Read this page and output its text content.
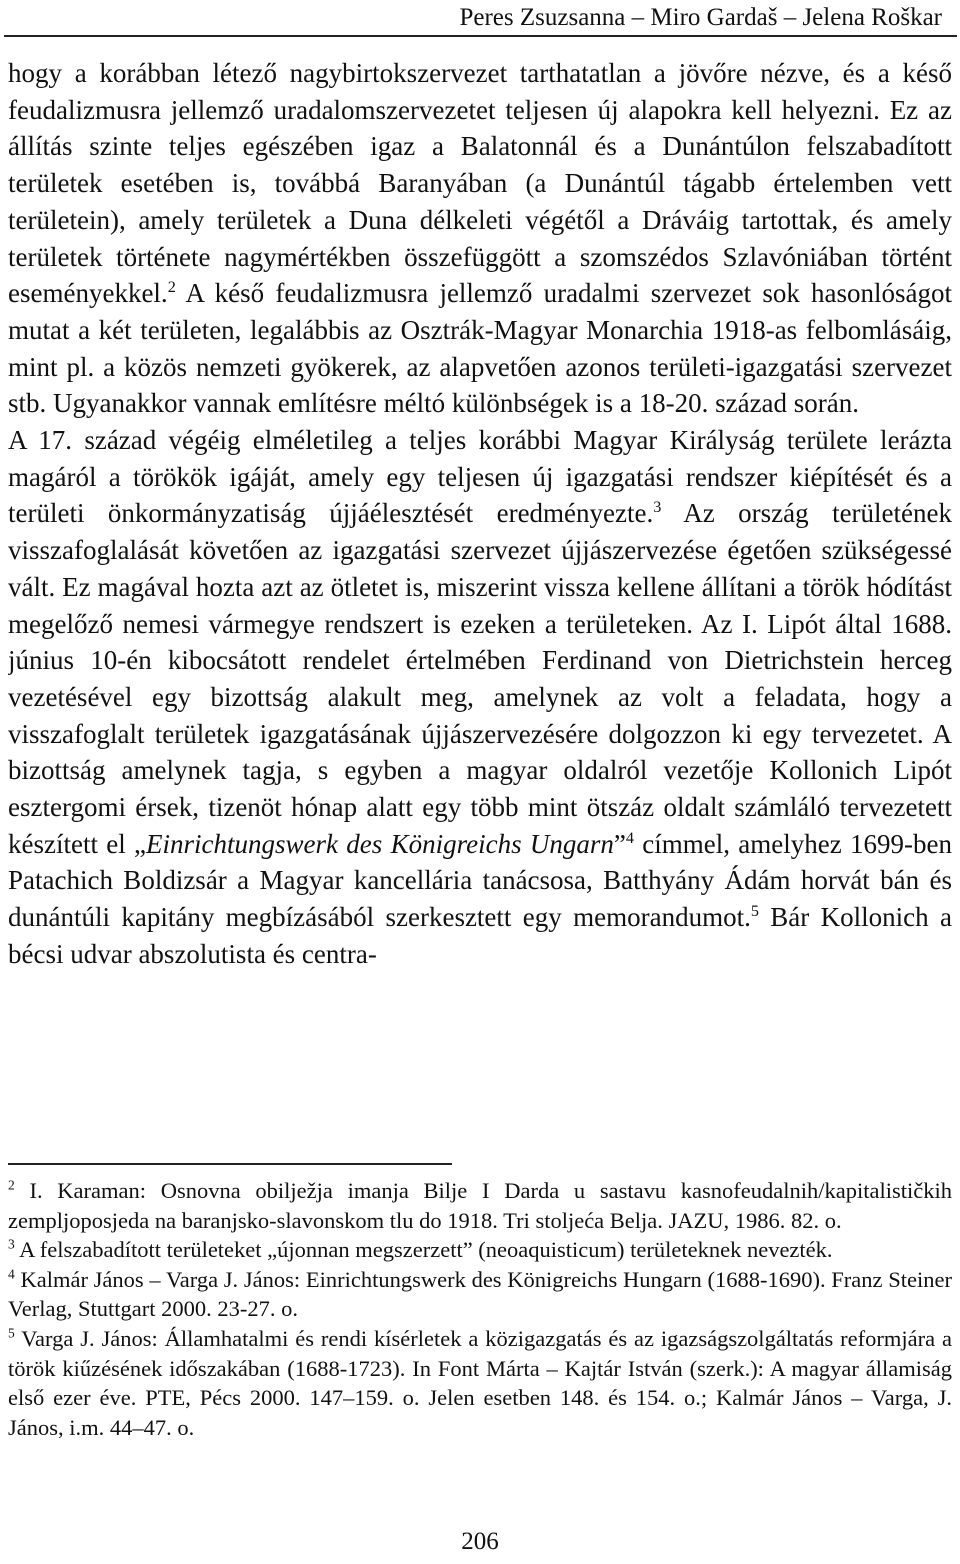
Peres Zsuzsanna – Miro Gardaš – Jelena Roškar

hogy a korábban létező nagybirtokszervezet tarthatatlan a jövőre nézve, és a késő feudalizmusra jellemző uradalomszervezetet teljesen új alapokra kell helyezni. Ez az állítás szinte teljes egészében igaz a Balatonnál és a Dunántúlon felszabadított területek esetében is, továbbá Baranyában (a Dunántúl tágabb értelemben vett területein), amely területek a Duna délkeleti végétől a Dráváig tartottak, és amely területek története nagymértékben összefüggött a szomszédos Szlavóniában történt eseményekkel.$^2$ A késő feudalizmusra jellemző uradalmi szervezet sok hasonlóságot mutat a két területen, legalábbis az Osztrák-Magyar Monarchia 1918-as felbomlásáig, mint pl. a közös nemzeti gyökerek, az alapvetően azonos területi-igazgatási szervezet stb. Ugyanakkor vannak említésre méltó különbségek is a 18-20. század során.

A 17. század végéig elméletileg a teljes korábbi Magyar Királyság területe lerázta magáról a törökök igáját, amely egy teljesen új igazgatási rendszer kiépítését és a területi önkormányzatiság újjáélesztését eredményezte.$^3$ Az ország területének visszafoglalását követően az igazgatási szervezet újjászervezése égetően szükségessé vált. Ez magával hozta azt az ötletet is, miszerint vissza kellene állítani a török hódítást megelőző nemesi vármegye rendszert is ezeken a területeken. Az I. Lipót által 1688. június 10-én kibocsátott rendelet értelmében Ferdinand von Dietrichstein herceg vezetésével egy bizottság alakult meg, amelynek az volt a feladata, hogy a visszafoglalt területek igazgatásának újjászervezésére dolgozzon ki egy tervezetet. A bizottság amelynek tagja, s egyben a magyar oldalról vezetője Kollonich Lipót esztergomi érsek, tizenöt hónap alatt egy több mint ötszáz oldalt számláló tervezetett készített el „Einrichtungswerk des Königreichs Ungarn”$^4$ címmel, amelyhez 1699-ben Patachich Boldizsár a Magyar kancellária tanácsosa, Batthyány Ádám horvát bán és dunántúli kapitány megbízásából szerkesztett egy memorandumot.$^5$ Bár Kollonich a bécsi udvar abszolutista és centra-

$^2$ I. Karaman: Osnovna obilježja imanja Bilje I Darda u sastavu kasnofeudalnih/kapitalističkih zempljoposjeda na baranjsko-slavonskom tlu do 1918. Tri stoljeća Belja. JAZU, 1986. 82. o.

$^3$ A felszabadított területeket „újonnan megszerzett” (neoaquisticum) területeknek nevezték.

$^4$ Kalmár János – Varga J. János: Einrichtungswerk des Königreichs Hungarn (1688-1690). Franz Steiner Verlag, Stuttgart 2000. 23-27. o.

$^5$ Varga J. János: Államhatalmi és rendi kísérletek a közigazgatás és az igazságszolgáltatás reformjára a török kiűzésének időszakában (1688-1723). In Font Márta – Kajtár István (szerk.): A magyar államiság első ezer éve. PTE, Pécs 2000. 147–159. o. Jelen esetben 148. és 154. o.; Kalmár János – Varga, J. János, i.m. 44–47. o.

206
